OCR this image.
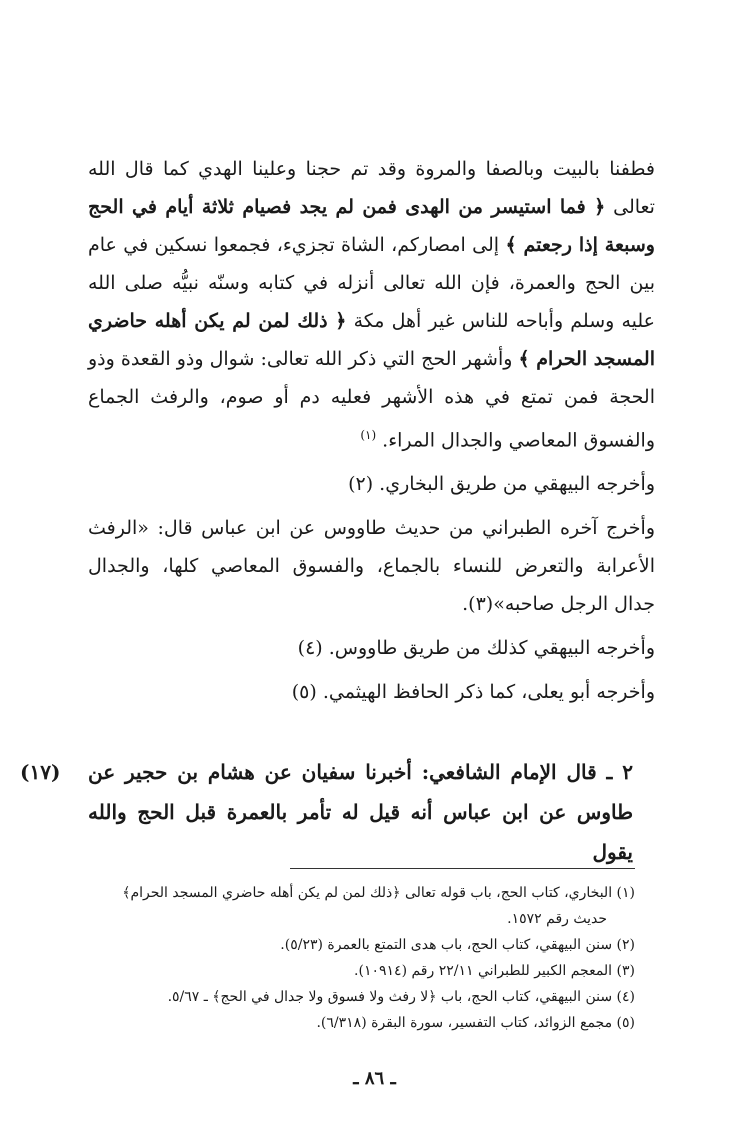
فطفنا بالبيت وبالصفا والمروة وقد تم حجنا وعلينا الهدي كما قال الله تعالى ﴿ فما استيسر من الهدى فمن لم يجد فصيام ثلاثة أيام في الحج وسبعة إذا رجعتم ﴾ إلى امصاركم، الشاة تجزيء، فجمعوا نسكين في عام بين الحج والعمرة، فإن الله تعالى أنزله في كتابه وسنّه نبيُّه صلى الله عليه وسلم وأباحه للناس غير أهل مكة ﴿ ذلك لمن لم يكن أهله حاضري المسجد الحرام ﴾ وأشهر الحج التي ذكر الله تعالى: شوال وذو القعدة وذو الحجة فمن تمتع في هذه الأشهر فعليه دم أو صوم، والرفث الجماع والفسوق المعاصي والجدال المراء. $^{(١)}$

وأخرجه البيهقي من طريق البخاري. (٢)

وأخرج آخره الطبراني من حديث طاووس عن ابن عباس قال: «الرفث الأعرابة والتعرض للنساء بالجماع، والفسوق المعاصي كلها، والجدال جدال الرجل صاحبه»(٣).

وأخرجه البيهقي كذلك من طريق طاووس. (٤)

وأخرجه أبو يعلى، كما ذكر الحافظ الهيثمي. (٥)

(١٧) ٢ ـ قال الإمام الشافعي: أخبرنا سفيان عن هشام بن حجير عن طاوس عن ابن عباس أنه قيل له تأمر بالعمرة قبل الحج والله يقول

(١) البخاري، كتاب الحج، باب قوله تعالى ﴿ذلك لمن لم يكن أهله حاضري المسجد الحرام﴾
حديث رقم ١٥٧٢.

(٢) سنن البيهقي، كتاب الحج، باب هدى التمتع بالعمرة (٥/٢٣).

(٣) المعجم الكبير للطبراني ٢٢/١١ رقم (١٠٩١٤).

(٤) سنن البيهقي، كتاب الحج، باب ﴿لا رفث ولا فسوق ولا جدال في الحج﴾ ـ ٥/٦٧.

(٥) مجمع الزوائد، كتاب التفسير، سورة البقرة (٦/٣١٨).

ـ ٨٦ ـ
